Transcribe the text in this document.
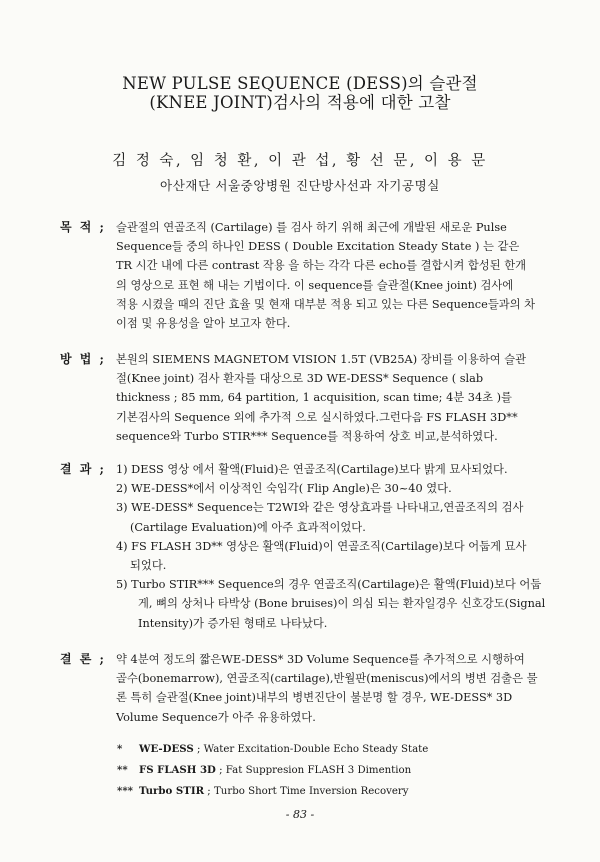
NEW PULSE SEQUENCE (DESS)의 슬관절
(KNEE JOINT)검사의 적용에 대한 고찰
김 정 숙, 임 청 환, 이 관 섭, 황 선 문, 이 용 문
아산재단 서울중앙병원 진단방사선과 자기공명실
목 적 ; 슬관절의 연골조직 (Cartilage) 를 검사 하기 위해 최근에 개발된 새로운 Pulse
Sequence들 중의 하나인 DESS ( Double Excitation Steady State ) 는 같은
TR 시간 내에 다른 contrast 작용 을 하는 각각 다른 echo를 결합시켜 합성된 한개
의 영상으로 표현 해 내는 기법이다. 이 sequence를 슬관절(Knee joint) 검사에
적용 시켰을 때의 진단 효율 및 현재 대부분 적용 되고 있는 다른 Sequence들과의 차
이점 및 유용성을 알아 보고자 한다.
방 법 ; 본원의 SIEMENS MAGNETOM VISION 1.5T (VB25A) 장비를 이용하여 슬관
절(Knee joint) 검사 환자를 대상으로 3D WE-DESS* Sequence ( slab
thickness ; 85 mm, 64 partition, 1 acquisition, scan time; 4분 34초 )를
기본검사의 Sequence 외에 추가적 으로 실시하였다.그런다음 FS FLASH 3D**
sequence와 Turbo STIR*** Sequence를 적용하여 상호 비교,분석하였다.
결 과 ; 1) DESS 영상 에서 활액(Fluid)은 연골조직(Cartilage)보다 밝게 묘사되었다.
2) WE-DESS*에서 이상적인 숙임각( Flip Angle)은 30~40 였다.
3) WE-DESS* Sequence는 T2WI와 같은 영상효과를 나타내고,연골조직의 검사
(Cartilage Evaluation)에 아주 효과적이었다.
4) FS FLASH 3D** 영상은 활액(Fluid)이 연골조직(Cartilage)보다 어둡게 묘사
되었다.
5) Turbo STIR*** Sequence의 경우 연골조직(Cartilage)은 활액(Fluid)보다 어둡
게, 뼈의 상처나 타박상 (Bone bruises)이 의심 되는 환자일경우 신호강도(Signal
Intensity)가 증가된 형태로 나타났다.
결 론 ; 약 4분여 정도의 짧은WE-DESS* 3D Volume Sequence를 추가적으로 시행하여
골수(bonemarrow), 연골조직(cartilage),반월판(meniscus)에서의 병변 검출은 물
론 특히 슬관절(Knee joint)내부의 병변진단이 불분명 할 경우, WE-DESS* 3D
Volume Sequence가 아주 유용하였다.
* WE-DESS ; Water Excitation-Double Echo Steady State
** FS FLASH 3D ; Fat Suppresion FLASH 3 Dimention
*** Turbo STIR ; Turbo Short Time Inversion Recovery
- 83 -
